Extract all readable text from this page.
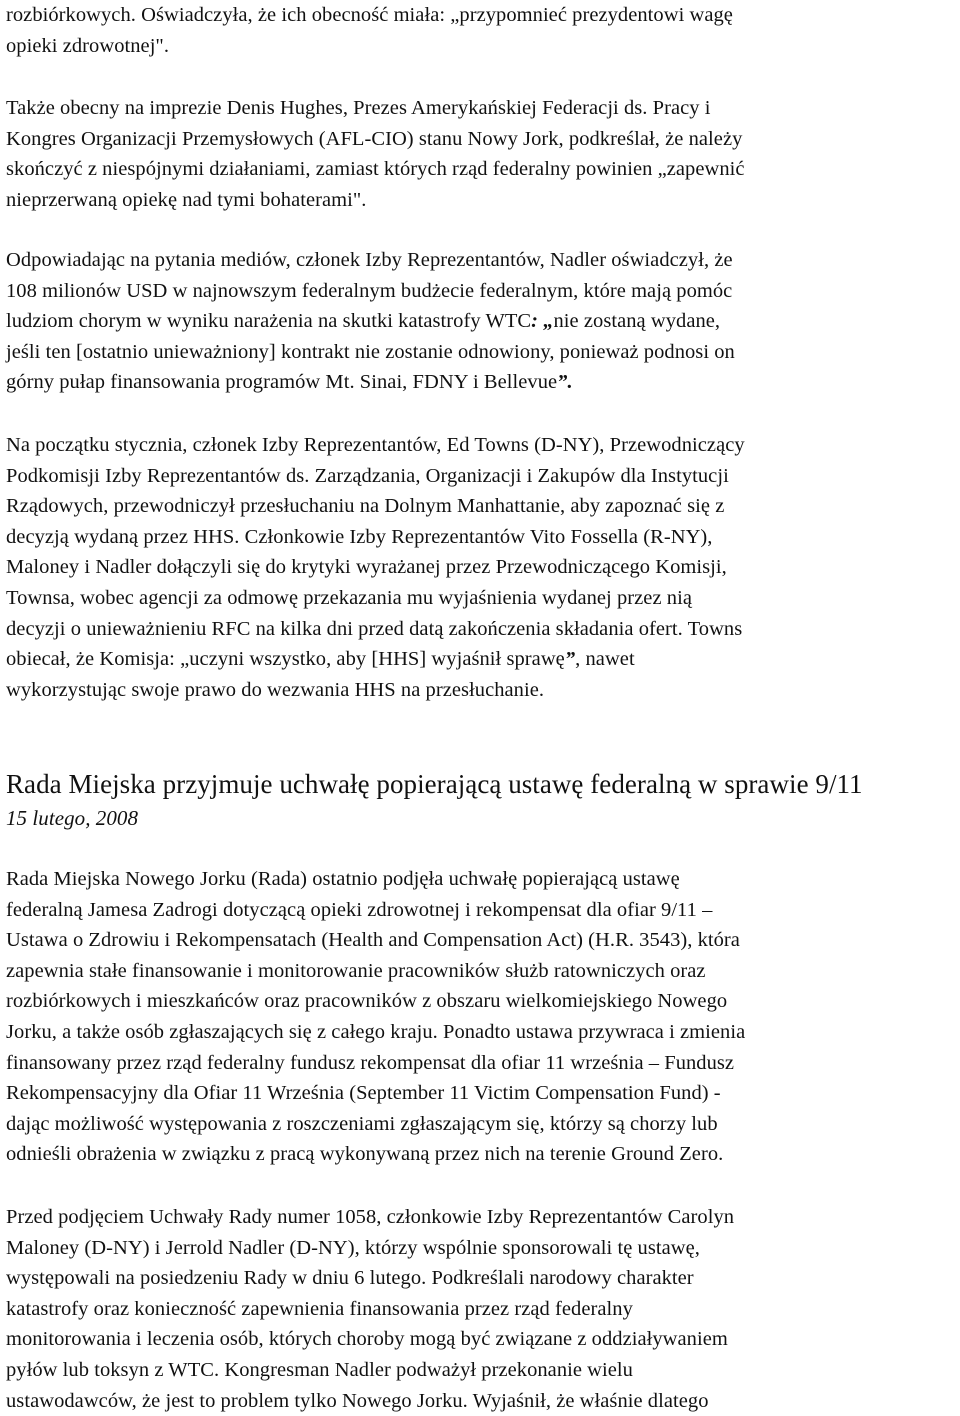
rozbiórkowych. Oświadczyła, że ich obecność miała: „przypomnieć prezydentowi wagę
opieki zdrowotnej".
Także obecny na imprezie Denis Hughes, Prezes Amerykańskiej Federacji ds. Pracy i
Kongres Organizacji Przemysłowych (AFL-CIO) stanu Nowy Jork, podkreślał, że należy
skończyć z niespójnymi działaniami, zamiast których rząd federalny powinien „zapewnić
nieprzerwaną opiekę nad tymi bohaterami".
Odpowiadając na pytania mediów, członek Izby Reprezentantów, Nadler oświadczył, że
108 milionów USD w najnowszym federalnym budżecie federalnym, które mają pomóc
ludziom chorym w wyniku narażenia na skutki katastrofy WTC: „nie zostaną wydane,
jeśli ten [ostatnio unieważniony] kontrakt nie zostanie odnowiony, ponieważ podnosi on
górny pułap finansowania programów Mt. Sinai, FDNY i Bellevue”.
Na początku stycznia, członek Izby Reprezentantów, Ed Towns (D-NY), Przewodniczący
Podkomisji Izby Reprezentantów ds. Zarządzania, Organizacji i Zakupów dla Instytucji
Rządowych, przewodniczył przesłuchaniu na Dolnym Manhattanie, aby zapoznać się z
decyzją wydaną przez HHS. Członkowie Izby Reprezentantów Vito Fossella (R-NY),
Maloney i Nadler dołączyli się do krytyki wyrażanej przez Przewodniczącego Komisji,
Townsa, wobec agencji za odmowę przekazania mu wyjaśnienia wydanej przez nią
decyzji o unieważnieniu RFC na kilka dni przed datą zakończenia składania ofert. Towns
obiecał, że Komisja: „uczyni wszystko, aby [HHS] wyjaśnił sprawę”, nawet
wykorzystując swoje prawo do wezwania HHS na przesłuchanie.
Rada Miejska przyjmuje uchwałę popierającą ustawę federalną w sprawie 9/11
15 lutego, 2008
Rada Miejska Nowego Jorku (Rada) ostatnio podjęła uchwałę popierającą ustawę
federalną Jamesa Zadrogi dotyczącą opieki zdrowotnej i rekompensat dla ofiar 9/11 –
Ustawa o Zdrowiu i Rekompensatach (Health and Compensation Act) (H.R. 3543), która
zapewnia stałe finansowanie i monitorowanie pracowników służb ratowniczych oraz
rozbiórkowych i mieszkańców oraz pracowników z obszaru wielkomiejskiego Nowego
Jorku, a także osób zgłaszających się z całego kraju. Ponadto ustawa przywraca i zmienia
finansowany przez rząd federalny fundusz rekompensat dla ofiar 11 września – Fundusz
Rekompensacyjny dla Ofiar 11 Września (September 11 Victim Compensation Fund) -
dając możliwość występowania z roszczeniami zgłaszającym się, którzy są chorzy lub
odnieśli obrażenia w związku z pracą wykonywaną przez nich na terenie Ground Zero.
Przed podjęciem Uchwały Rady numer 1058, członkowie Izby Reprezentantów Carolyn
Maloney (D-NY) i Jerrold Nadler (D-NY), którzy wspólnie sponsorowali tę ustawę,
występowali na posiedzeniu Rady w dniu 6 lutego. Podkreślali narodowy charakter
katastrofy oraz konieczność zapewnienia finansowania przez rząd federalny
monitorowania i leczenia osób, których choroby mogą być związane z oddziaływaniem
pyłów lub toksyn z WTC. Kongresman Nadler podważył przekonanie wielu
ustawodawców, że jest to problem tylko Nowego Jorku. Wyjaśnił, że właśnie dlatego
